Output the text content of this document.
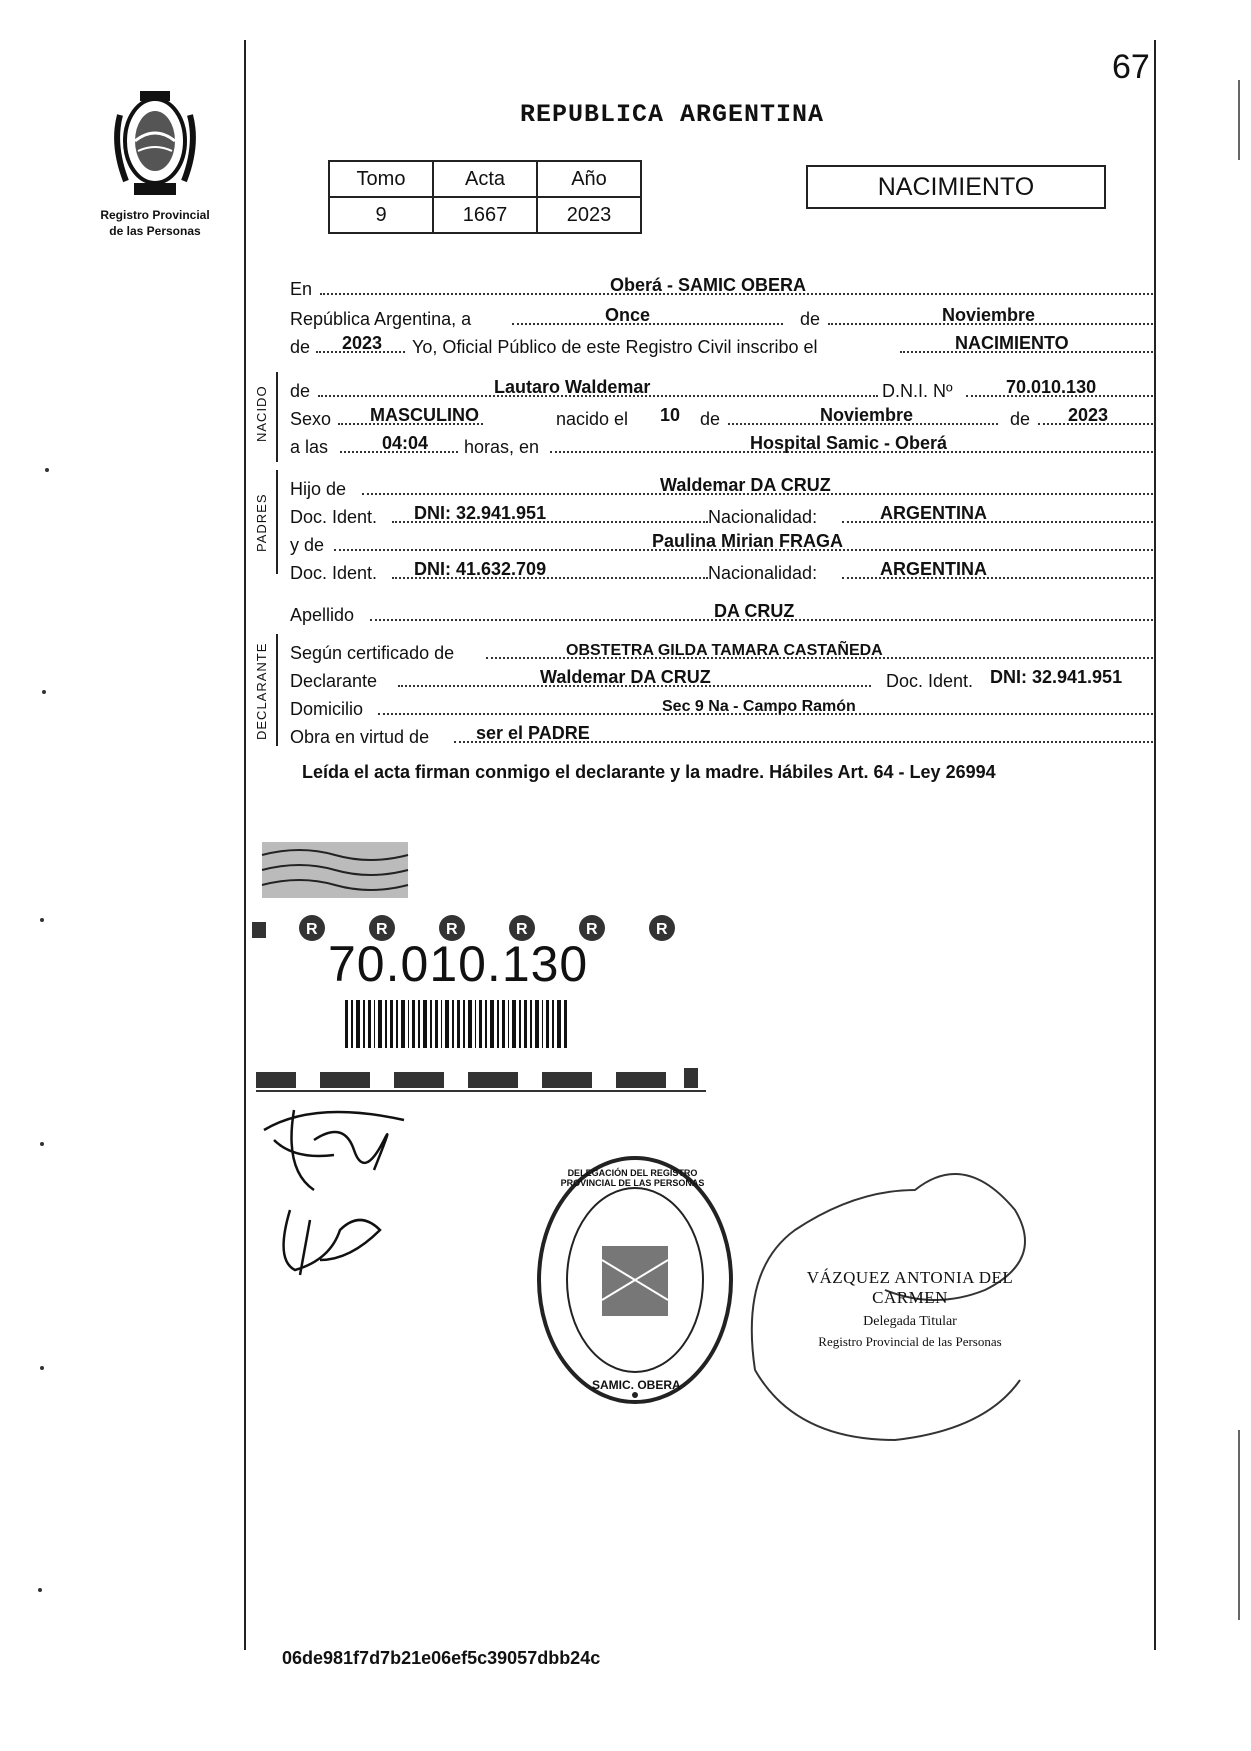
67
Registro Provincial
de las Personas
REPUBLICA ARGENTINA
Tomo	Acta	Año
9	1667	2023
NACIMIENTO
En	Oberá - SAMIC OBERA
República Argentina, a	Once	de	Noviembre
de 2023 Yo, Oficial Público de este Registro Civil inscribo el	NACIMIENTO
NACIDO de	Lautaro Waldemar	D.N.I. Nº	70.010.130
Sexo MASCULINO	nacido el 10 de	Noviembre	de 2023
a las	04:04 horas, en	Hospital Samic - Oberá
PADRES
Hijo de	Waldemar DA CRUZ
Doc. Ident. DNI: 32.941.951	Nacionalidad:	ARGENTINA
y de	Paulina Mirian FRAGA
Doc. Ident. DNI: 41.632.709	Nacionalidad:	ARGENTINA
Apellido	DA CRUZ
DECLARANTE Según certificado de	OBSTETRA GILDA TAMARA CASTAÑEDA
Declarante	Waldemar DA CRUZ	Doc. Ident. DNI: 32.941.951
Domicilio	Sec 9 Na - Campo Ramón
Obra en virtud de	ser el PADRE
Leída el acta firman conmigo el declarante y la madre. Hábiles Art. 64 - Ley 26994
R	R	R	R	R	R
70.010.130
VÁZQUEZ ANTONIA DEL CARMEN
Delegada Titular
Registro Provincial de las Personas
SAMIC. OBERA
DELEGACIÓN DEL REGISTRO PROVINCIAL DE LAS PERSONAS
06de981f7d7b21e06ef5c39057dbb24c
